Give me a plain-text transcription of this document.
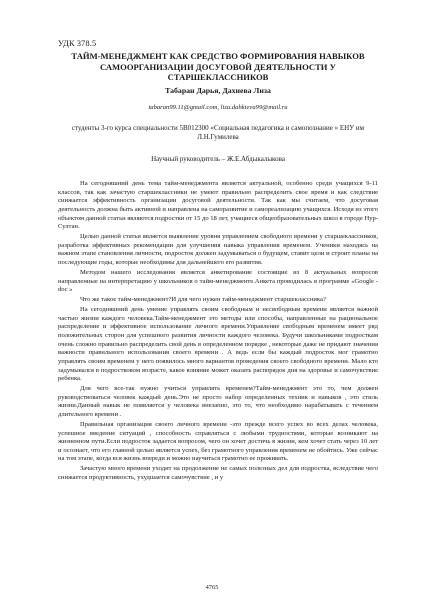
УДК 378.5
ТАЙМ-МЕНЕДЖМЕНТ КАК СРЕДСТВО ФОРМИРОВАНИЯ НАВЫКОВ САМООРГАНИЗАЦИИ ДОСУГОВОЙ ДЕЯТЕЛЬНОСТИ У СТАРШЕКЛАССНИКОВ
Табаран Дарья, Дахиева Лиза
tabaran99.11@gmail.com, liza.dahkieva99@mail.ru
студенты 3-го курса специальности 5В012300 «Социальная педагогика и самопознание » ЕНУ им Л.Н.Гумилева
Научный руководитель – Ж.Е.Абдыкалыкова

На сегодняшний день тема тайм-менеджмента является актуальной, особенно среди учащихся 9-11 классов, так как зачастую старшеклассники не умеют правильно распределить свое время и как следствие снижается эффективность организации досуговой деятельности. Так как мы считаем, что досуговая деятельность должна быть активной и направлена на саморазвитие и самореализацию учащихся. Исходя из этого объектом данной статьи являются подростки от 15 до 18 лет, учащиеся общеобразовательных школ в городе Нур-Султан.

Целью данной статьи является выявление уровня управлением свободного времени у старшеклассников, разработка эффективных рекомендации для улучшения навыка управления временем. Ученики находясь на важном этапе становления личности, подросток должен задумываться о будущем, ставит цели и строит планы на последующие годы, которые необходимы для дальнейшего его развития.

Методом нашего исследования является анкетирование состоящие из 8 актуальных вопросов направленные на интерпретацию у школьников о тайм-менеджменте.Анкета проводилась в программе «Google -doc »

Что же такое тайм-менеджмент?И для чего нужен тайм-менеджмент старшеклассника?

На сегодняшний день умение управлять своим свободным и несвободным времени является важной частью жизни каждого человека.Тайм-менеджмент это методы или способы, направленные на рациональное распределение и эффективное использование личного времени.Управление свободным временем имеет ряд положительных сторон для успешного развития личности каждого человека. Будучи школьниками подросткам очень сложно правильно распределить свой день в определенном порядке , некоторые даже не придают значения важности правильного использования своего времени . А ведь если бы каждый подросток мог грамотно управлять своим временем у него появилось много вариантов проведения своего свободного времени. Мало кто задумывался в подростковом возрасте, какое влияние может оказать распорядок дня на здоровье и самочувствие ребенка.

Для чего все-так нужно учиться управлять временем?Тайм-менеджмент это то, чем должен руководствоваться человек каждый день.Это не просто набор определенных техник и навыков , это стиль жизни.Данный навык не появляется у человека внезапно, это то, что необходимо нарабатывать с течением длительного времени .

Правильная организация своего личного времени -это прежде всего успех во всех делах человека, успешное введение ситуаций , способность справляться с любыми трудностями, которые возникают на жизненном пути.Если подросток задается вопросом, чего он хочет достичь в жизни, кем хочет стать через 10 лет и осознает, что его главной целью является успех, без грамотного управления временем не обойтись. Уже сейчас на том этапе, когда вся жизнь впереди и можно научиться грамотно ее проживать.

Зачастую много времени уходит на продолжение не самых полезных дел для подростка, вследствие чего снижается продуктивность, ухудшается самочувствие , и у

4765
